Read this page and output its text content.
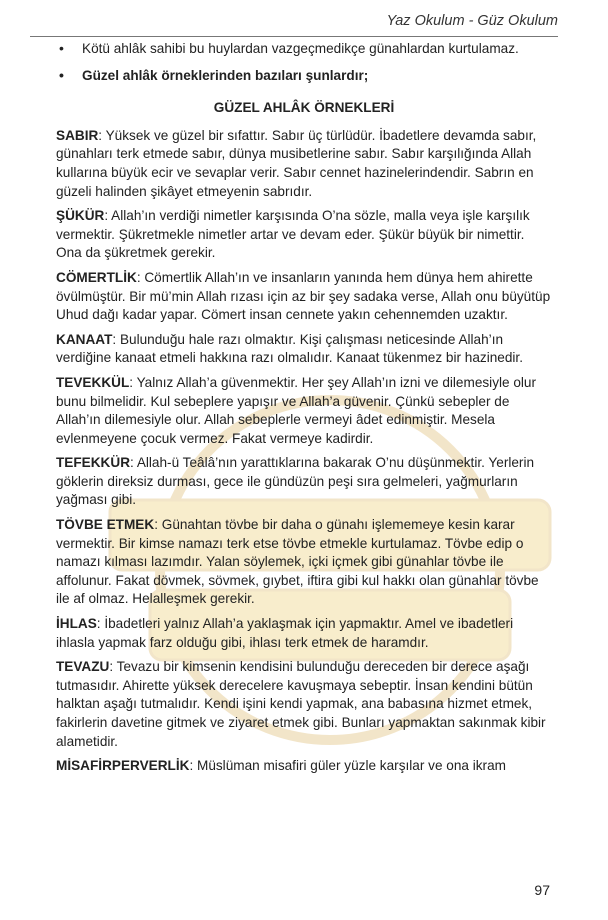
Yaz Okulum - Güz Okulum
• Kötü ahlâk sahibi bu huylardan vazgeçmedikçe günahlardan kurtulamaz.
• Güzel ahlâk örneklerinden bazıları şunlardır;
GÜZEL AHLÂK ÖRNEKLERİ

SABIR: Yüksek ve güzel bir sıfattır. Sabır üç türlüdür. İbadetlere devamda sabır, günahları terk etmede sabır, dünya musibetlerine sabır. Sabır karşılığında Allah kullarına büyük ecir ve sevaplar verir. Sabır cennet hazinelerindendir. Sabrın en güzeli halinden şikâyet etmeyenin sabrıdır.

ŞÜKÜR: Allah’ın verdiği nimetler karşısında O’na sözle, malla veya işle karşılık vermektir. Şükretmekle nimetler artar ve devam eder. Şükür büyük bir nimettir. Ona da şükretmek gerekir.

CÖMERTLİK: Cömertlik Allah’ın ve insanların yanında hem dünya hem ahirette övülmüştür. Bir mü’min Allah rızası için az bir şey sadaka verse, Allah onu büyütüp Uhud dağı kadar yapar. Cömert insan cennete yakın cehennemden uzaktır.

KANAAT: Bulunduğu hale razı olmaktır. Kişi çalışması neticesinde Allah’ın verdiğine kanaat etmeli hakkına razı olmalıdır. Kanaat tükenmez bir hazinedir.

TEVEKKÜL: Yalnız Allah’a güvenmektir. Her şey Allah’ın izni ve dilemesiyle olur bunu bilmelidir. Kul sebeplere yapışır ve Allah’a güvenir. Çünkü sebepler de Allah’ın dilemesiyle olur. Allah sebeplerle vermeyi âdet edinmiştir. Mesela evlenmeyene çocuk vermez. Fakat vermeye kadirdir.

TEFEKKÜR: Allah-ü Teâlâ’nın yarattıklarına bakarak O’nu düşünmektir. Yerlerin göklerin direksiz durması, gece ile gündüzün peşi sıra gelmeleri, yağmurların yağması gibi.

TÖVBE ETMEK: Günahtan tövbe bir daha o günahı işlememeye kesin karar vermektir. Bir kimse namazı terk etse tövbe etmekle kurtulamaz. Tövbe edip o namazı kılması lazımdır. Yalan söylemek, içki içmek gibi günahlar tövbe ile affolunur. Fakat dövmek, sövmek, gıybet, iftira gibi kul hakkı olan günahlar tövbe ile af olmaz. Helalleşmek gerekir.

İHLAS: İbadetleri yalnız Allah’a yaklaşmak için yapmaktır. Amel ve ibadetleri ihlasla yapmak farz olduğu gibi, ihlası terk etmek de haramdır.

TEVAZU: Tevazu bir kimsenin kendisini bulunduğu dereceden bir derece aşağı tutmasıdır. Ahirette yüksek derecelere kavuşmaya sebeptir. İnsan kendini bütün halktan aşağı tutmalıdır. Kendi işini kendi yapmak, ana babasına hizmet etmek, fakirlerin davetine gitmek ve ziyaret etmek gibi. Bunları yapmaktan sakınmak kibir alametidir.

MİSAFİRPERVERLİK: Müslüman misafiri güler yüzle karşılar ve ona ikram

97
